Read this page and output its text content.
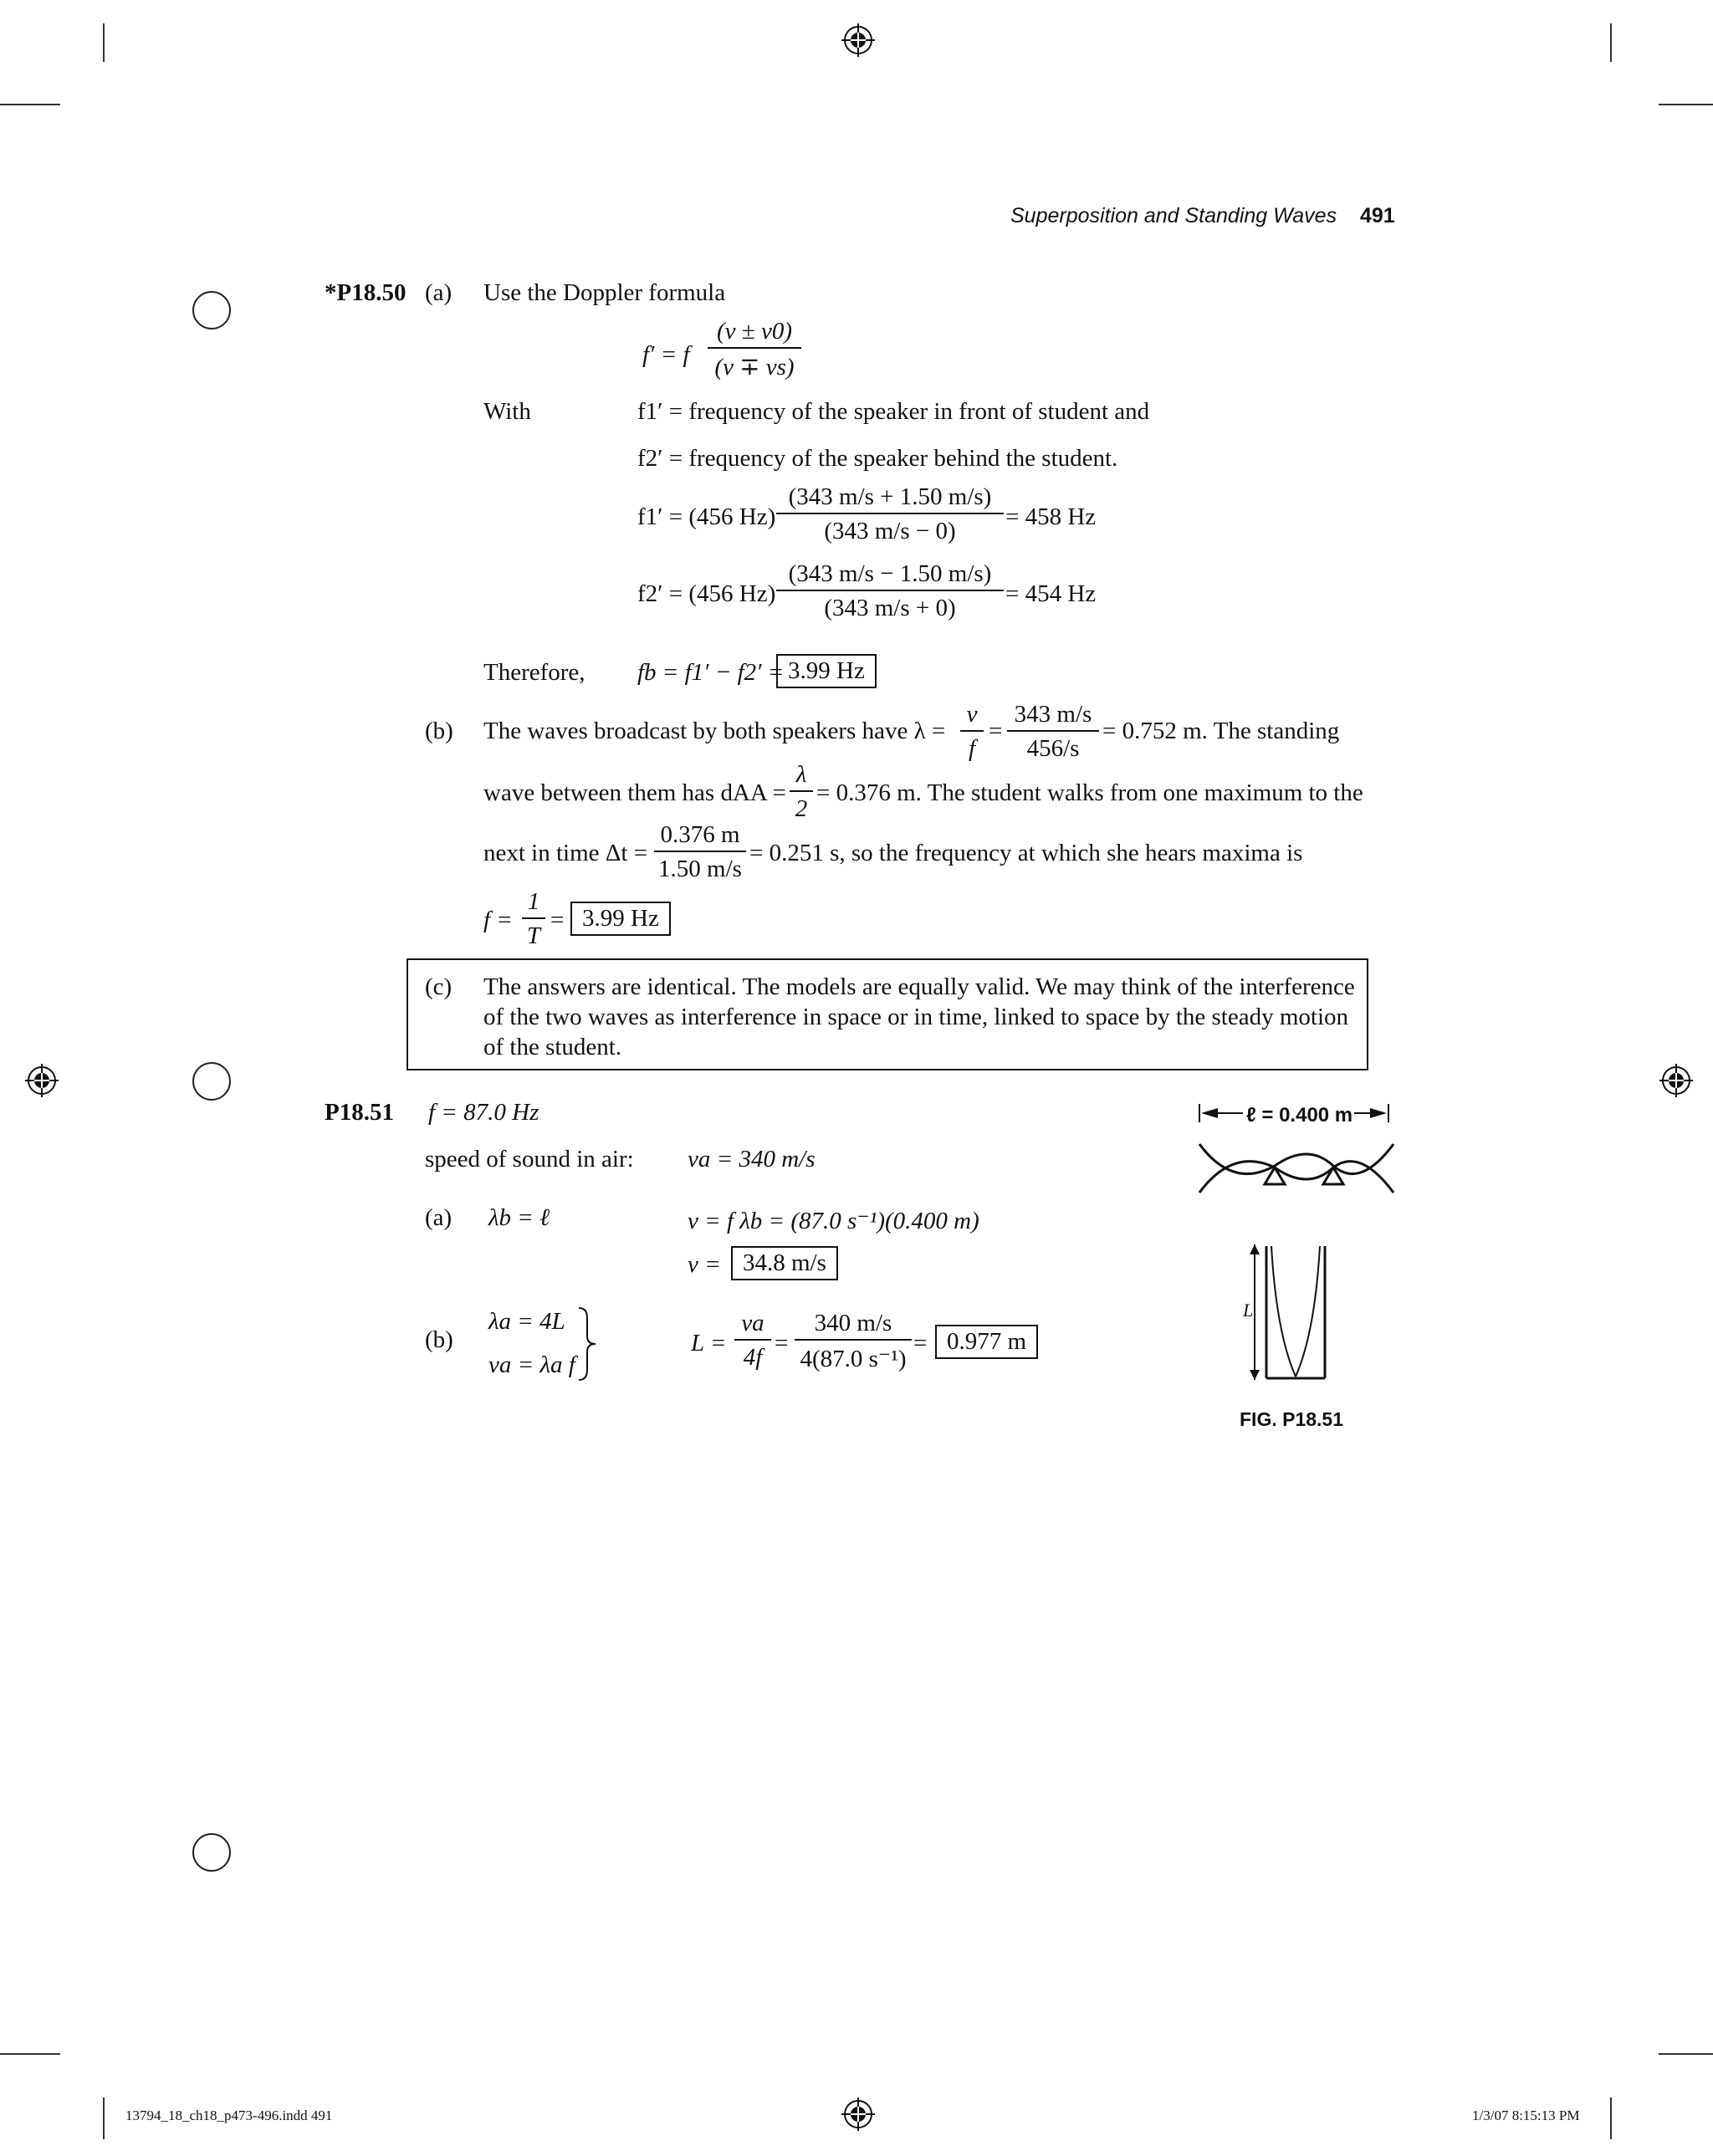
Superposition and Standing Waves 491
*P18.50 (a) Use the Doppler formula
f′ = f
(v ± v0)
(v ∓ vs)
With	f1′ = frequency of the speaker in front of student and
f2′ = frequency of the speaker behind the student.
f1′ = (456 Hz)
(343 m/s + 1.50 m/s)
(343 m/s − 0)
= 458 Hz
f2′ = (456 Hz)
(343 m/s − 1.50 m/s)
(343 m/s + 0)
= 454 Hz
Therefore, fb = f1′ − f2′ = 3.99 Hz
(b) The waves broadcast by both speakers have λ =
v
f
=
343 m/s
456/s
= 0.752 m. The standing
wave between them has dAA =
λ
2
= 0.376 m. The student walks from one maximum to the
next in time Δt =
0.376 m
1.50 m/s
= 0.251 s, so the frequency at which she hears maxima is
f =
1
T
= 3.99 Hz
(c) The answers are identical. The models are equally valid. We may think of the interference
of the two waves as interference in space or in time, linked to space by the steady motion
of the student.
P18.51 f = 87.0 Hz
speed of sound in air: va = 340 m/s
(a) λb = ℓ	v = f λb = (87.0 s⁻¹)(0.400 m)
v = 34.8 m/s
(b)
λa = 4L
va = λa f
L =
va
4f
=
340 m/s
4(87.0 s⁻¹)
= 0.977 m
ℓ = 0.400 m
L
FIG. P18.51
13794_18_ch18_p473-496.indd 491	1/3/07 8:15:13 PM
